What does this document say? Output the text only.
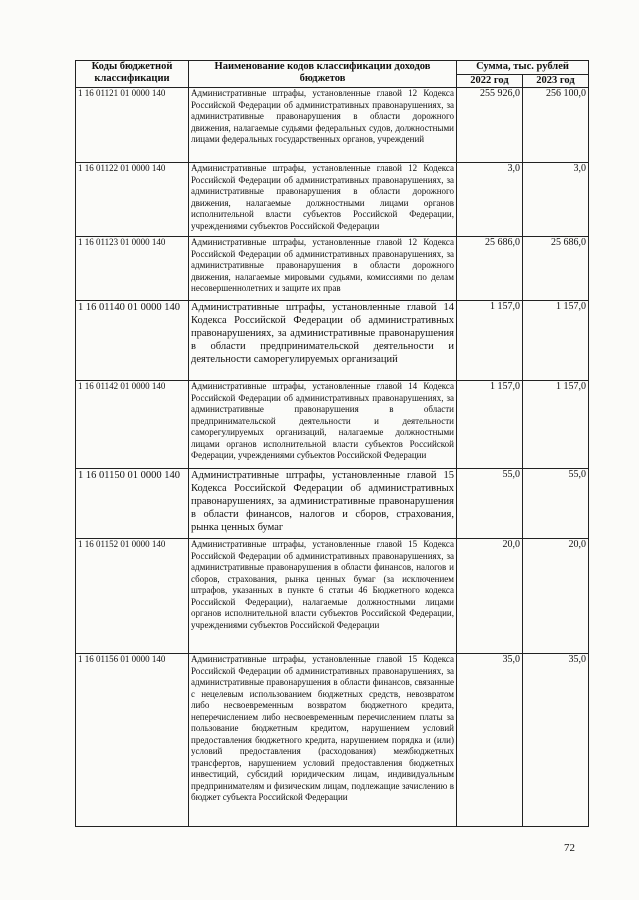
Коды бюджетной классификации	Наименование кодов классификации доходов бюджетов	Сумма, тыс. рублей	
		2022 год	2023 год
1 16 01121 01 0000 140	Административные штрафы, установленные главой 12 Кодекса Российской Федерации об административных правонарушениях, за административные правонарушения в области дорожного движения, налагаемые судьями федеральных судов, должностными лицами федеральных государственных органов, учреждений	255 926,0	256 100,0
1 16 01122 01 0000 140	Административные штрафы, установленные главой 12 Кодекса Российской Федерации об административных правонарушениях, за административные правонарушения в области дорожного движения, налагаемые должностными лицами органов исполнительной власти субъектов Российской Федерации, учреждениями субъектов Российской Федерации	3,0	3,0
1 16 01123 01 0000 140	Административные штрафы, установленные главой 12 Кодекса Российской Федерации об административных правонарушениях, за административные правонарушения в области дорожного движения, налагаемые мировыми судьями, комиссиями по делам несовершеннолетних и защите их прав	25 686,0	25 686,0
1 16 01140 01 0000 140	Административные штрафы, установленные главой 14 Кодекса Российской Федерации об административных правонарушениях, за административные правонарушения в области предпринимательской деятельности и деятельности саморегулируемых организаций	1 157,0	1 157,0
1 16 01142 01 0000 140	Административные штрафы, установленные главой 14 Кодекса Российской Федерации об административных правонарушениях, за административные правонарушения в области предпринимательской деятельности и деятельности саморегулируемых организаций, налагаемые должностными лицами органов исполнительной власти субъектов Российской Федерации, учреждениями субъектов Российской Федерации	1 157,0	1 157,0
1 16 01150 01 0000 140	Административные штрафы, установленные главой 15 Кодекса Российской Федерации об административных правонарушениях, за административные правонарушения в области финансов, налогов и сборов, страхования, рынка ценных бумаг	55,0	55,0
1 16 01152 01 0000 140	Административные штрафы, установленные главой 15 Кодекса Российской Федерации об административных правонарушениях, за административные правонарушения в области финансов, налогов и сборов, страхования, рынка ценных бумаг (за исключением штрафов, указанных в пункте 6 статьи 46 Бюджетного кодекса Российской Федерации), налагаемые должностными лицами органов исполнительной власти субъектов Российской Федерации, учреждениями субъектов Российской Федерации	20,0	20,0
1 16 01156 01 0000 140	Административные штрафы, установленные главой 15 Кодекса Российской Федерации об административных правонарушениях, за административные правонарушения в области финансов, связанные с нецелевым использованием бюджетных средств, невозвратом либо несвоевременным возвратом бюджетного кредита, неперечислением либо несвоевременным перечислением платы за пользование бюджетным кредитом, нарушением условий предоставления бюджетного кредита, нарушением порядка и (или) условий предоставления (расходования) межбюджетных трансфертов, нарушением условий предоставления бюджетных инвестиций, субсидий юридическим лицам, индивидуальным предпринимателям и физическим лицам, подлежащие зачислению в бюджет субъекта Российской Федерации	35,0	35,0
72
